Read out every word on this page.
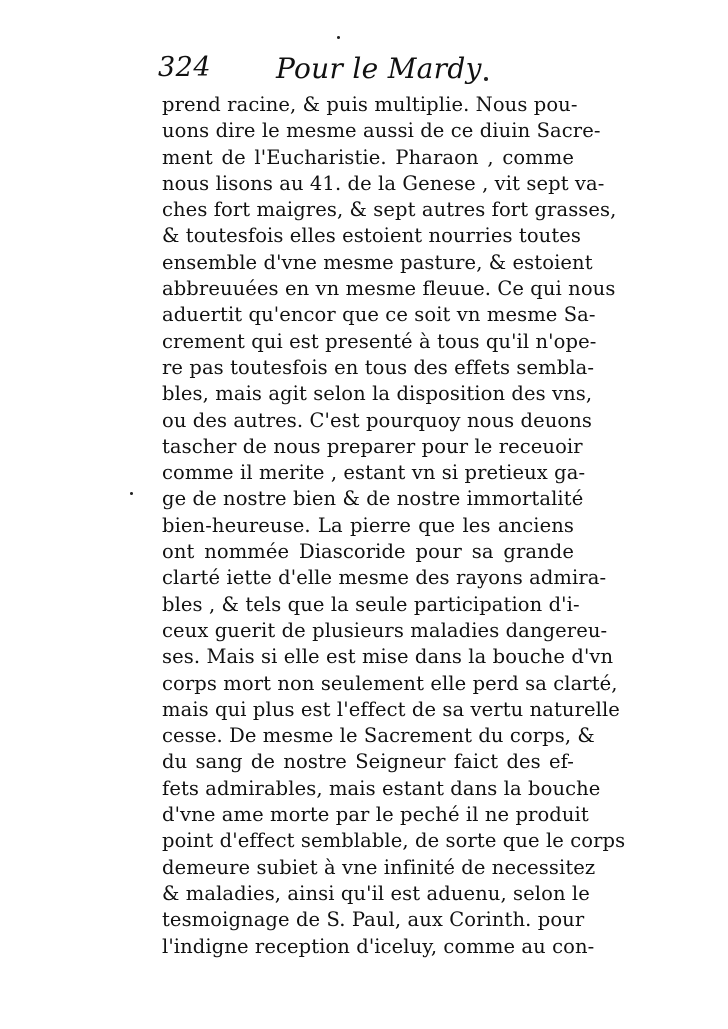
324 Pour le Mardy
prend racine, & puis multiplie. Nous pou-
uons dire le mesme aussi de ce diuin Sacre-
ment de l'Eucharistie. Pharaon , comme
nous lisons au 41. de la Genese , vit sept va-
ches fort maigres, & sept autres fort grasses,
& toutesfois elles estoient nourries toutes
ensemble d'vne mesme pasture, & estoient
abbreuuées en vn mesme fleuue. Ce qui nous
aduertit qu'encor que ce soit vn mesme Sa-
crement qui est presenté à tous qu'il n'ope-
re pas toutesfois en tous des effets sembla-
bles, mais agit selon la disposition des vns,
ou des autres. C'est pourquoy nous deuons
tascher de nous preparer pour le receuoir
comme il merite , estant vn si pretieux ga-
ge de nostre bien & de nostre immortalité
bien-heureuse. La pierre que les anciens
ont nommée Diascoride pour sa grande
clarté iette d'elle mesme des rayons admira-
bles , & tels que la seule participation d'i-
ceux guerit de plusieurs maladies dangereu-
ses. Mais si elle est mise dans la bouche d'vn
corps mort non seulement elle perd sa clarté,
mais qui plus est l'effect de sa vertu naturelle
cesse. De mesme le Sacrement du corps, &
du sang de nostre Seigneur faict des ef-
fets admirables, mais estant dans la bouche
d'vne ame morte par le peché il ne produit
point d'effect semblable, de sorte que le corps
demeure subiet à vne infinité de necessitez
& maladies, ainsi qu'il est aduenu, selon le
tesmoignage de S. Paul, aux Corinth. pour
l'indigne reception d'iceluy, comme au con-
